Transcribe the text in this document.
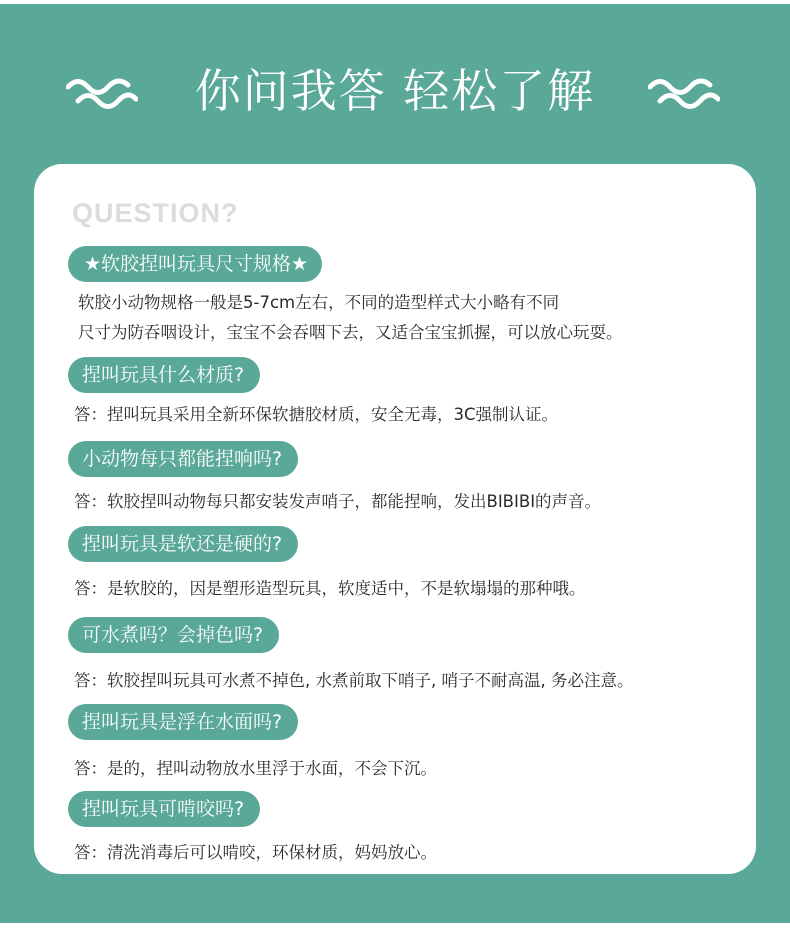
你问我答 轻松了解
QUESTION?
★软胶捏叫玩具尺寸规格★
软胶小动物规格一般是5-7cm左右，不同的造型样式大小略有不同
尺寸为防吞咽设计，宝宝不会吞咽下去，又适合宝宝抓握，可以放心玩耍。
捏叫玩具什么材质?
答：捏叫玩具采用全新环保软搪胶材质，安全无毒，3C强制认证。
小动物每只都能捏响吗?
答：软胶捏叫动物每只都安装发声哨子，都能捏响，发出BIBIBI的声音。
捏叫玩具是软还是硬的?
答：是软胶的，因是塑形造型玩具，软度适中，不是软塌塌的那种哦。
可水煮吗？会掉色吗?
答：软胶捏叫玩具可水煮不掉色, 水煮前取下哨子, 哨子不耐高温, 务必注意。
捏叫玩具是浮在水面吗?
答：是的，捏叫动物放水里浮于水面，不会下沉。
捏叫玩具可啃咬吗?
答：清洗消毒后可以啃咬，环保材质，妈妈放心。
